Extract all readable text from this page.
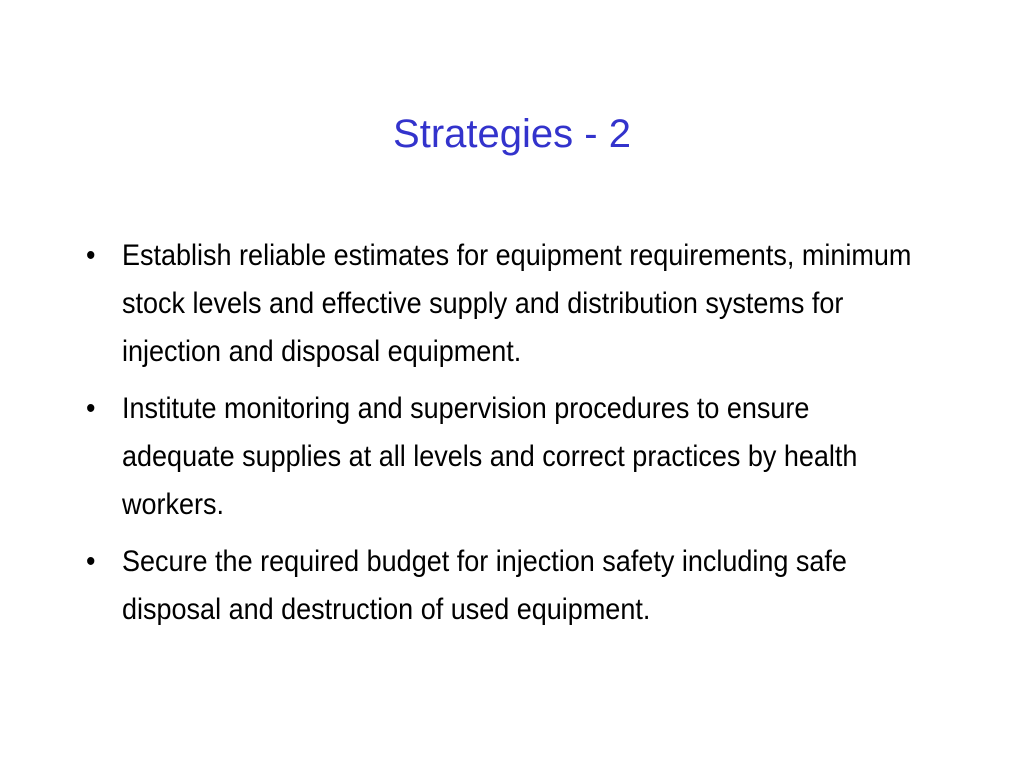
Strategies - 2
• Establish reliable estimates for equipment requirements, minimum stock levels and effective supply and distribution systems for injection and disposal equipment.
• Institute monitoring and supervision procedures to ensure adequate supplies at all levels and correct practices by health workers.
• Secure the required budget for injection safety including safe disposal and destruction of used equipment.
